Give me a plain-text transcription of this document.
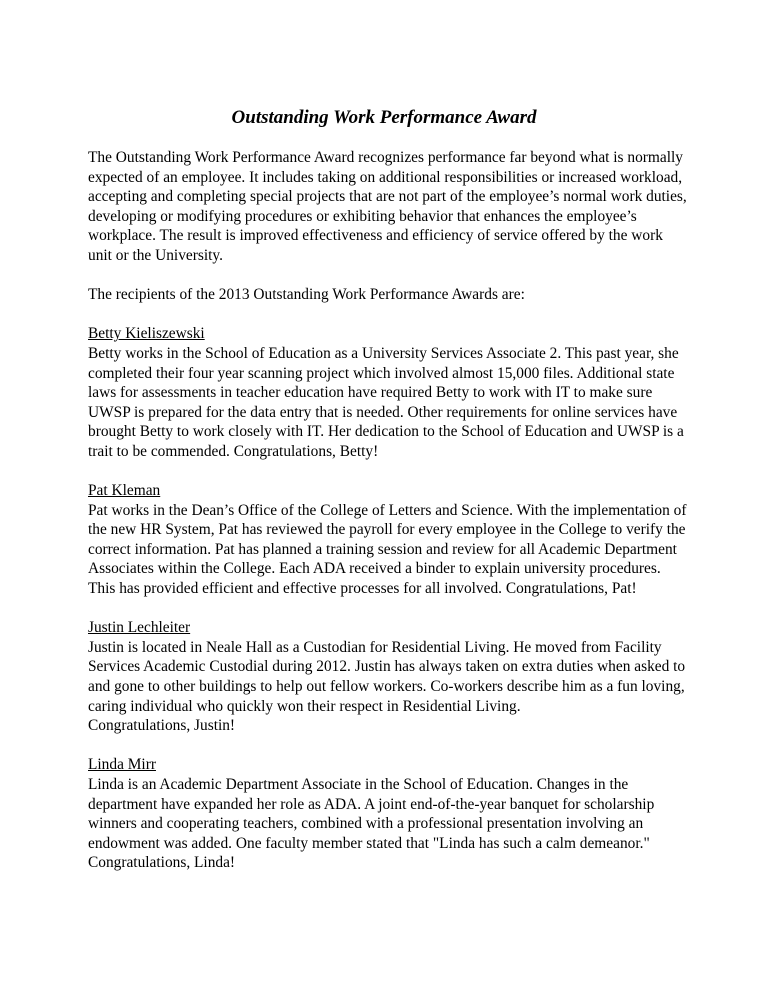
Outstanding Work Performance Award

The Outstanding Work Performance Award recognizes performance far beyond what is normally expected of an employee. It includes taking on additional responsibilities or increased workload, accepting and completing special projects that are not part of the employee’s normal work duties, developing or modifying procedures or exhibiting behavior that enhances the employee’s workplace. The result is improved effectiveness and efficiency of service offered by the work unit or the University.

The recipients of the 2013 Outstanding Work Performance Awards are:

Betty Kieliszewski
Betty works in the School of Education as a University Services Associate 2. This past year, she completed their four year scanning project which involved almost 15,000 files. Additional state laws for assessments in teacher education have required Betty to work with IT to make sure UWSP is prepared for the data entry that is needed. Other requirements for online services have brought Betty to work closely with IT. Her dedication to the School of Education and UWSP is a trait to be commended. Congratulations, Betty!

Pat Kleman
Pat works in the Dean’s Office of the College of Letters and Science. With the implementation of the new HR System, Pat has reviewed the payroll for every employee in the College to verify the correct information. Pat has planned a training session and review for all Academic Department Associates within the College. Each ADA received a binder to explain university procedures. This has provided efficient and effective processes for all involved. Congratulations, Pat!

Justin Lechleiter
Justin is located in Neale Hall as a Custodian for Residential Living. He moved from Facility Services Academic Custodial during 2012. Justin has always taken on extra duties when asked to and gone to other buildings to help out fellow workers. Co-workers describe him as a fun loving, caring individual who quickly won their respect in Residential Living.
Congratulations, Justin!

Linda Mirr
Linda is an Academic Department Associate in the School of Education. Changes in the department have expanded her role as ADA. A joint end-of-the-year banquet for scholarship winners and cooperating teachers, combined with a professional presentation involving an endowment was added. One faculty member stated that "Linda has such a calm demeanor." Congratulations, Linda!
